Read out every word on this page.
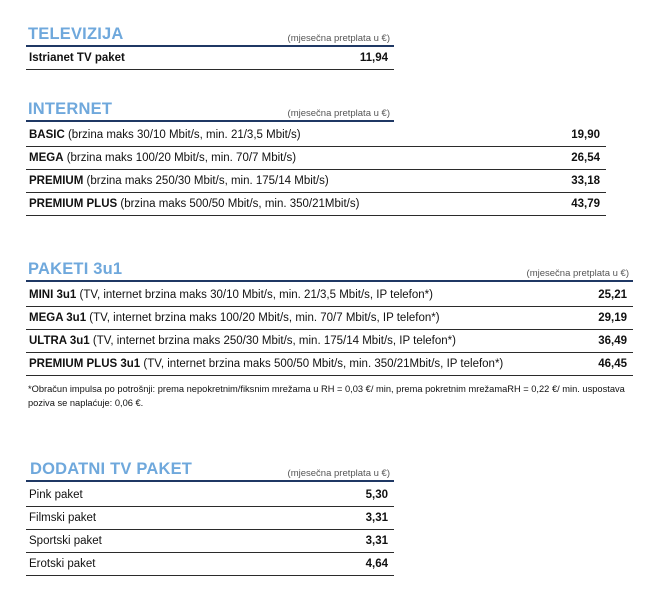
TELEVIZIJA	(mjesečna pretplata u €)
Istrianet TV paket	11,94
INTERNET	(mjesečna pretplata u €)
BASIC (brzina maks 30/10 Mbit/s, min. 21/3,5 Mbit/s)	19,90
MEGA (brzina maks 100/20 Mbit/s, min. 70/7 Mbit/s)	26,54
PREMIUM (brzina maks 250/30 Mbit/s, min. 175/14 Mbit/s)	33,18
PREMIUM PLUS (brzina maks 500/50 Mbit/s, min. 350/21Mbit/s)	43,79
PAKETI 3u1	(mjesečna pretplata u €)
MINI 3u1 (TV, internet brzina maks 30/10 Mbit/s, min. 21/3,5 Mbit/s, IP telefon*)	25,21
MEGA 3u1 (TV, internet brzina maks 100/20 Mbit/s, min. 70/7 Mbit/s, IP telefon*)	29,19
ULTRA 3u1 (TV, internet brzina maks 250/30 Mbit/s, min. 175/14 Mbit/s, IP telefon*)	36,49
PREMIUM PLUS 3u1 (TV, internet brzina maks 500/50 Mbit/s, min. 350/21Mbit/s, IP telefon*)	46,45
*Obračun impulsa po potrošnji: prema nepokretnim/fiksnim mrežama u RH = 0,03 €/ min, prema pokretnim mrežamaRH = 0,22 €/ min. uspostava poziva se naplaćuje: 0,06 €.
DODATNI TV PAKET	(mjesečna pretplata u €)
Pink paket	5,30
Filmski paket	3,31
Sportski paket	3,31
Erotski paket	4,64
